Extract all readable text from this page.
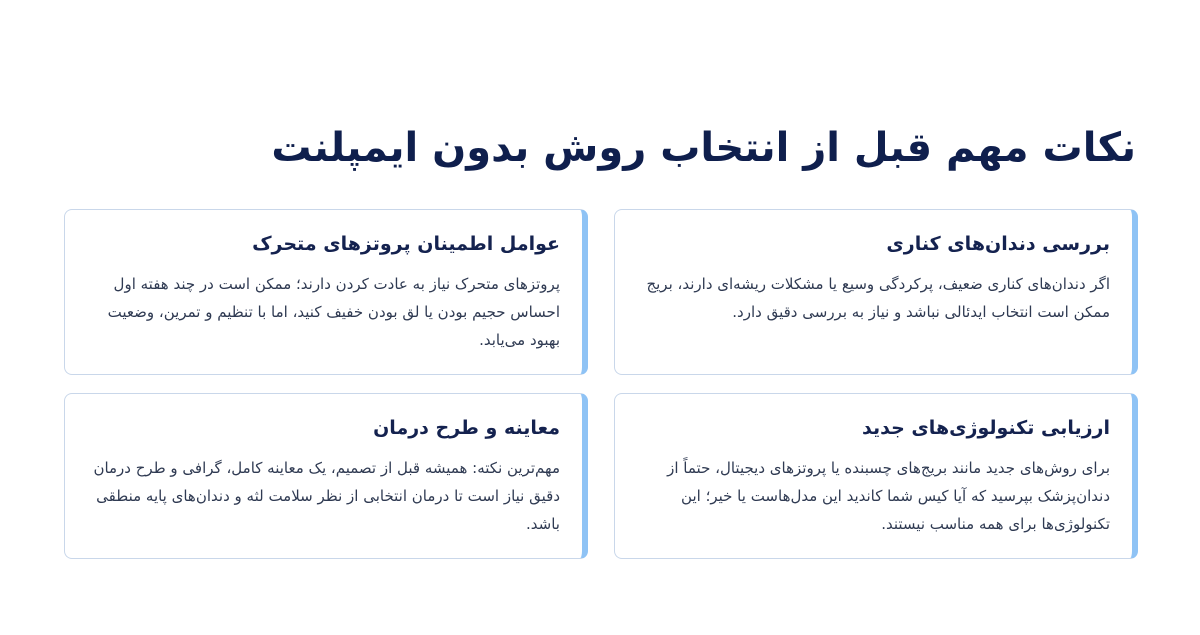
نکات مهم قبل از انتخاب روش بدون ایمپلنت
بررسی دندان‌های کناری

اگر دندان‌های کناری ضعیف، پرکردگی وسیع یا مشکلات ریشه‌ای دارند، بریج ممکن است انتخاب ایدئالی نباشد و نیاز به بررسی دقیق دارد.

عوامل اطمینان پروتزهای متحرک

پروتزهای متحرک نیاز به عادت کردن دارند؛ ممکن است در چند هفته اول احساس حجیم بودن یا لق بودن خفیف کنید، اما با تنظیم و تمرین، وضعیت بهبود می‌یابد.

ارزیابی تکنولوژی‌های جدید

برای روش‌های جدید مانند بریج‌های چسبنده یا پروتزهای دیجیتال، حتماً از دندان‌پزشک بپرسید که آیا کیس شما کاندید این مدل‌هاست یا خیر؛ این تکنولوژی‌ها برای همه مناسب نیستند.

معاینه و طرح درمان

مهم‌ترین نکته: همیشه قبل از تصمیم، یک معاینه کامل، گرافی و طرح درمان دقیق نیاز است تا درمان انتخابی از نظر سلامت لثه و دندان‌های پایه منطقی باشد.
